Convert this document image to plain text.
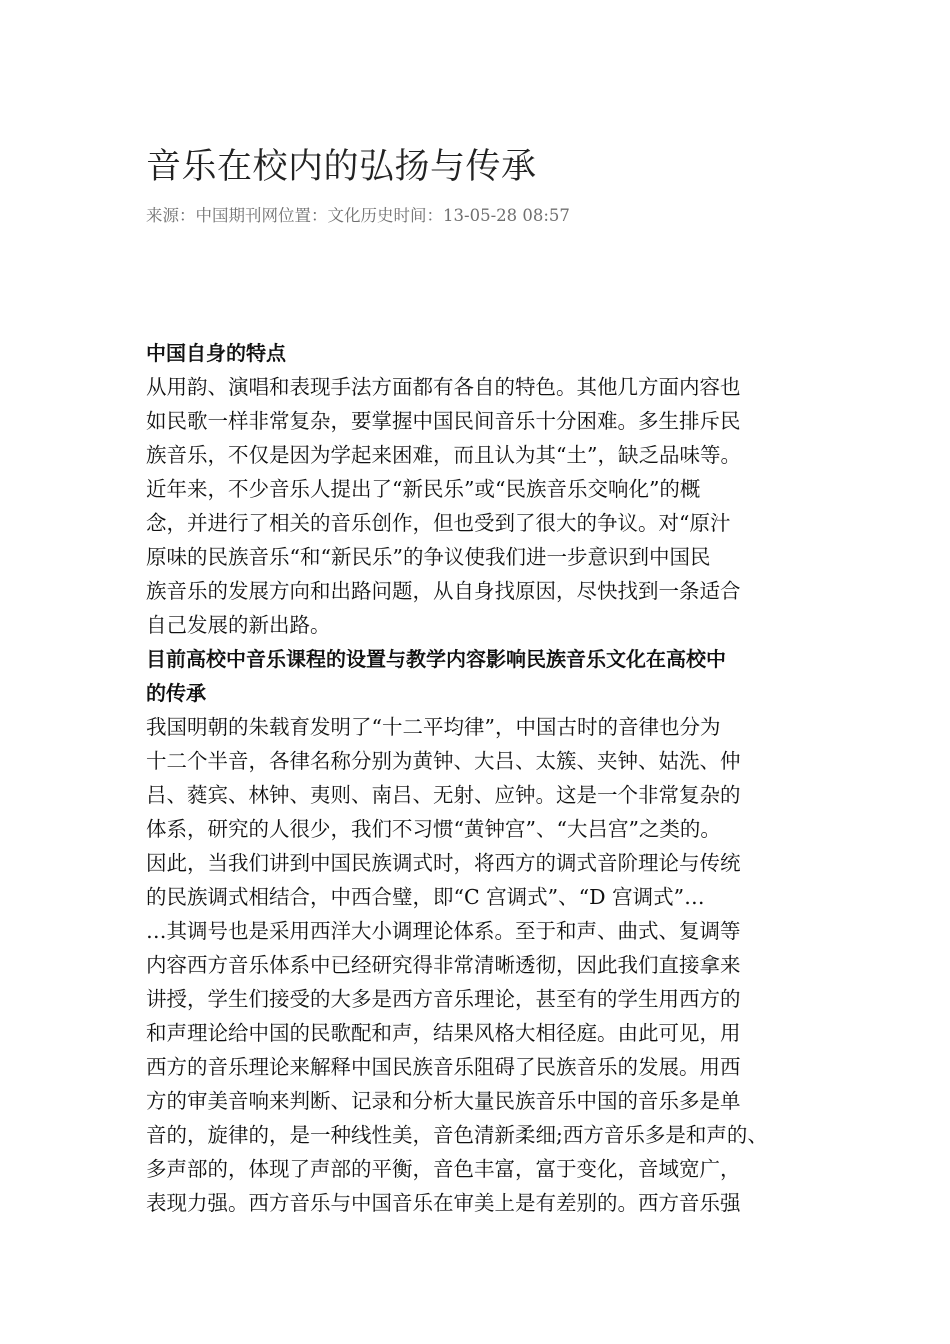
音乐在校内的弘扬与传承
来源：中国期刊网位置：文化历史时间：13-05-28 08:57
中国自身的特点
从用韵、演唱和表现手法方面都有各自的特色。其他几方面内容也
如民歌一样非常复杂，要掌握中国民间音乐十分困难。多生排斥民
族音乐，不仅是因为学起来困难，而且认为其“土”，缺乏品味等。
近年来，不少音乐人提出了“新民乐”或“民族音乐交响化”的概
念，并进行了相关的音乐创作，但也受到了很大的争议。对“原汁
原味的民族音乐“和“新民乐”的争议使我们进一步意识到中国民
族音乐的发展方向和出路问题，从自身找原因，尽快找到一条适合
自己发展的新出路。
目前高校中音乐课程的设置与教学内容影响民族音乐文化在高校中
的传承
我国明朝的朱载育发明了“十二平均律”，中国古时的音律也分为
十二个半音，各律名称分别为黄钟、大吕、太簇、夹钟、姑洗、仲
吕、蕤宾、林钟、夷则、南吕、无射、应钟。这是一个非常复杂的
体系，研究的人很少，我们不习惯“黄钟宫”、“大吕宫”之类的。
因此，当我们讲到中国民族调式时，将西方的调式音阶理论与传统
的民族调式相结合，中西合璧，即“C 宫调式”、“D 宫调式”…
…其调号也是采用西洋大小调理论体系。至于和声、曲式、复调等
内容西方音乐体系中已经研究得非常清晰透彻，因此我们直接拿来
讲授，学生们接受的大多是西方音乐理论，甚至有的学生用西方的
和声理论给中国的民歌配和声，结果风格大相径庭。由此可见，用
西方的音乐理论来解释中国民族音乐阻碍了民族音乐的发展。用西
方的审美音响来判断、记录和分析大量民族音乐中国的音乐多是单
音的，旋律的，是一种线性美，音色清新柔细;西方音乐多是和声的、
多声部的，体现了声部的平衡，音色丰富，富于变化，音域宽广，
表现力强。西方音乐与中国音乐在审美上是有差别的。西方音乐强
